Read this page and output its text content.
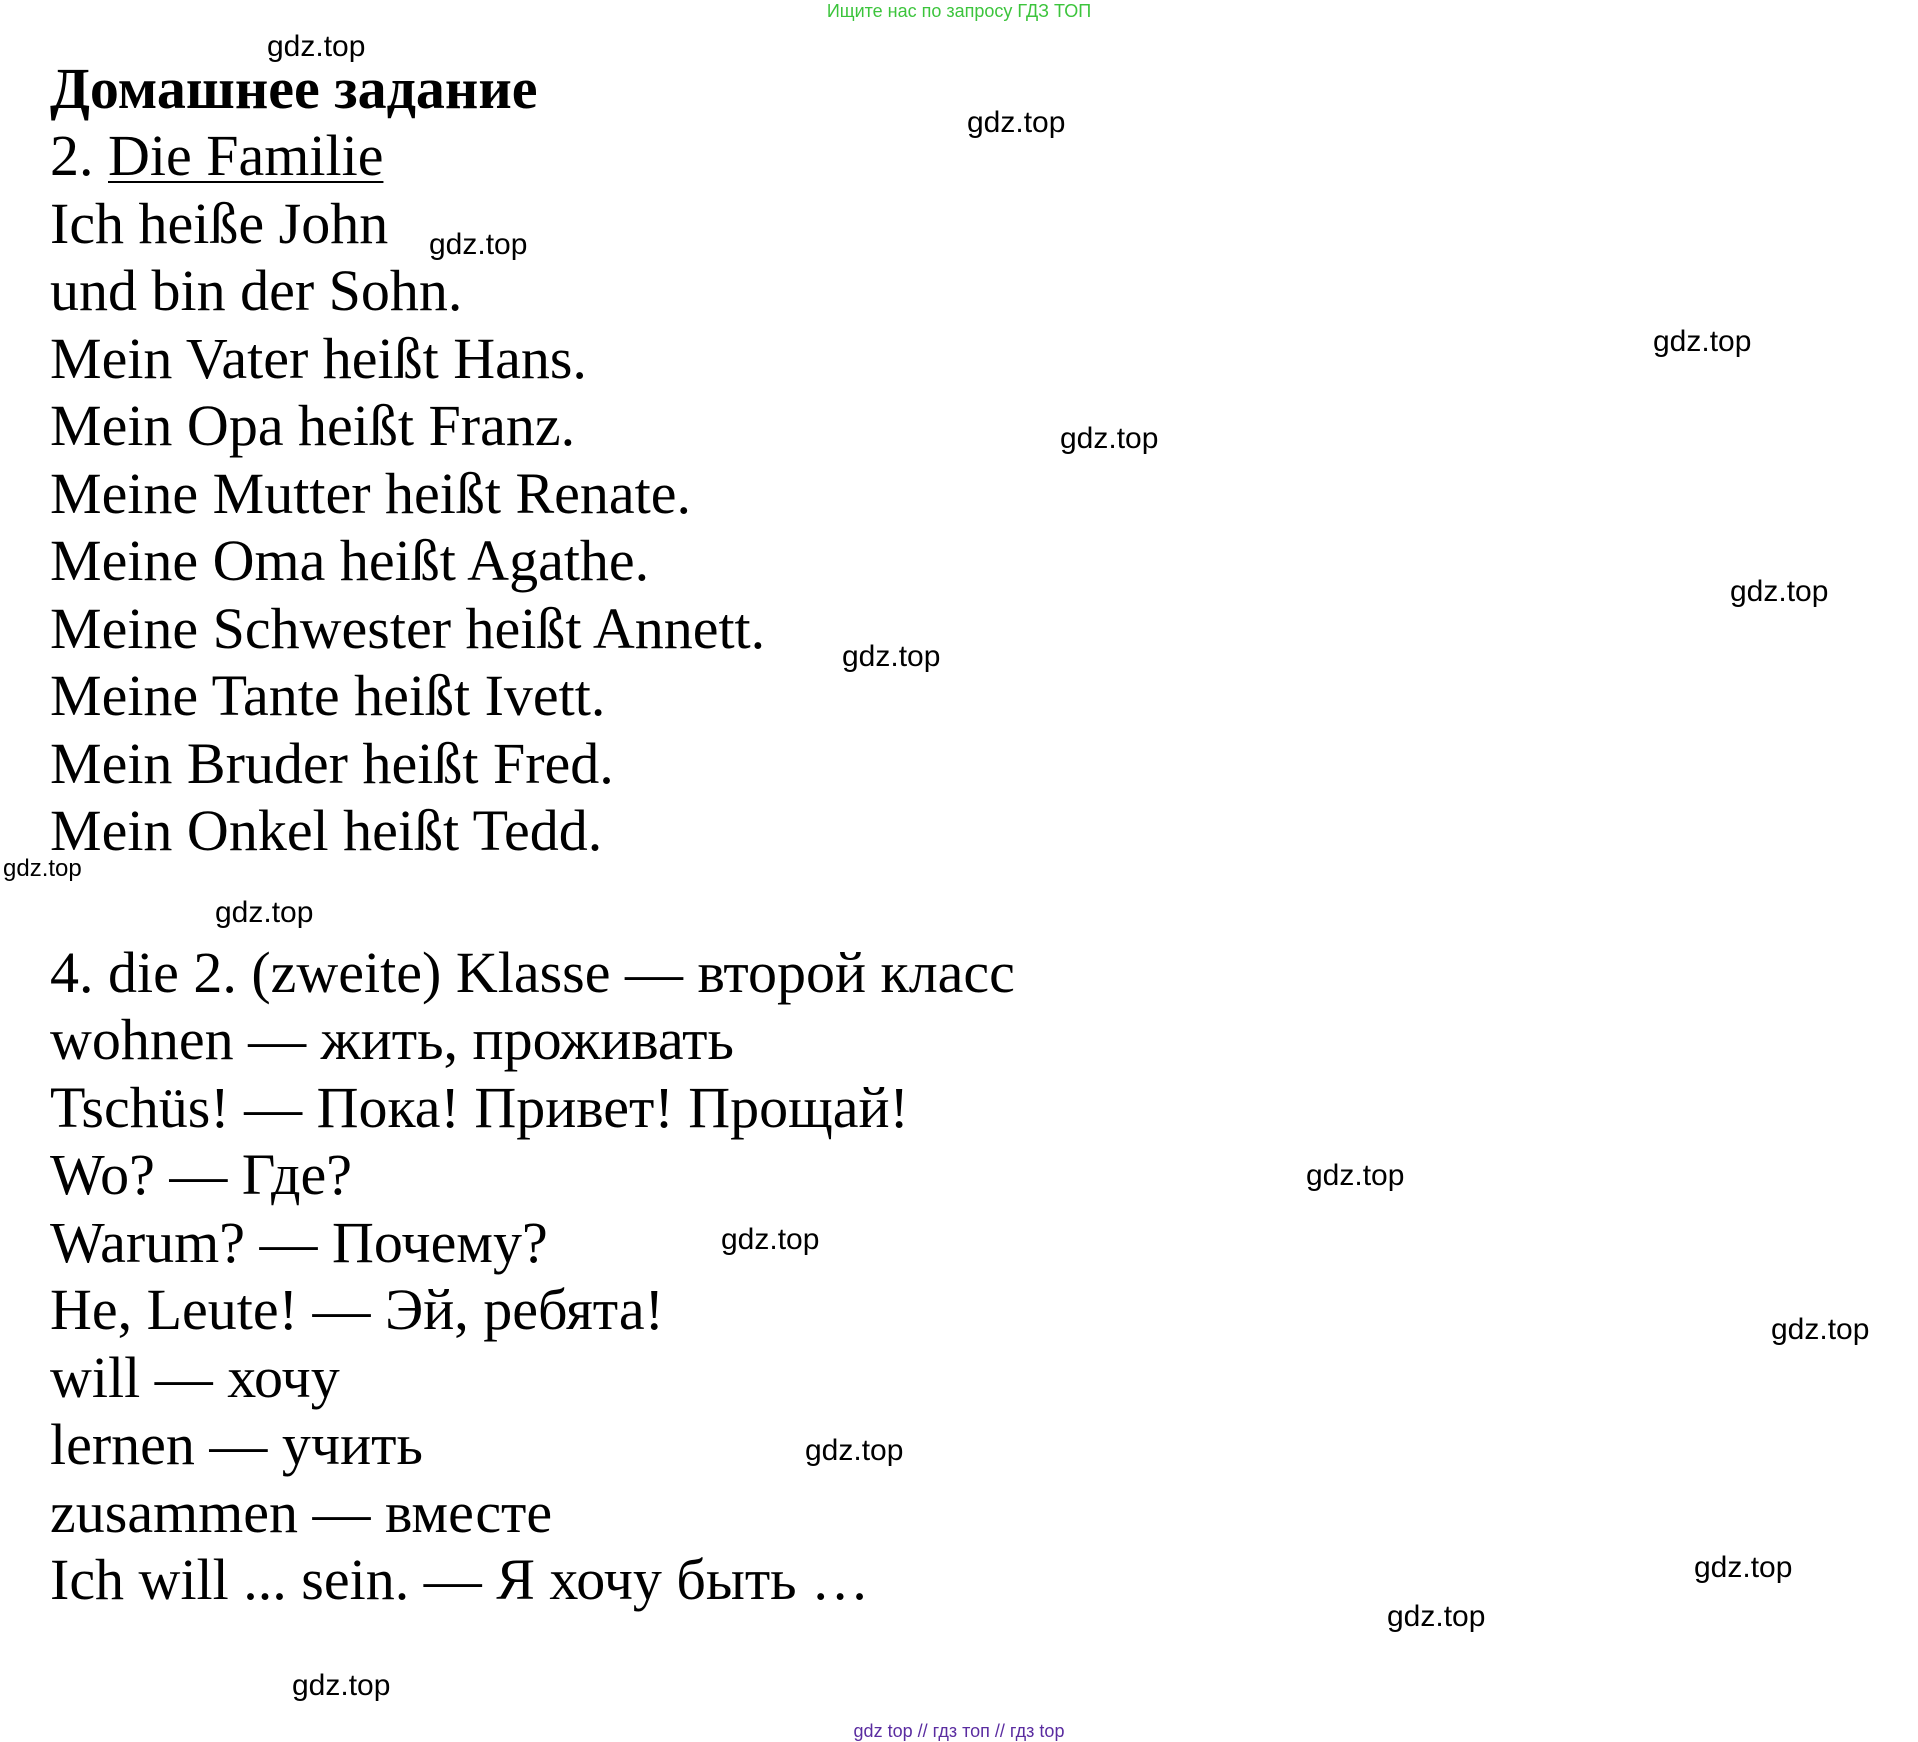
Ищите нас по запросу ГДЗ ТОП
Домашнее задание
2. Die Familie
Ich heiße John
und bin der Sohn.
Mein Vater heißt Hans.
Mein Opa heißt Franz.
Meine Mutter heißt Renate.
Meine Oma heißt Agathe.
Meine Schwester heißt Annett.
Meine Tante heißt Ivett.
Mein Bruder heißt Fred.
Mein Onkel heißt Tedd.
4. die 2. (zweite) Klasse — второй класс
wohnen — жить, проживать
Tschüs! — Пока! Привет! Прощай!
Wo? — Где?
Warum? — Почему?
He, Leute! — Эй, ребята!
will — хочу
lernen — учить
zusammen — вместе
Ich will ... sein. — Я хочу быть …
gdz.top
gdz.top
gdz.top
gdz.top
gdz.top
gdz.top
gdz.top
gdz.top
gdz.top
gdz.top
gdz.top
gdz.top
gdz.top
gdz.top
gdz.top
gdz.top
gdz top // гдз топ // гдз top
